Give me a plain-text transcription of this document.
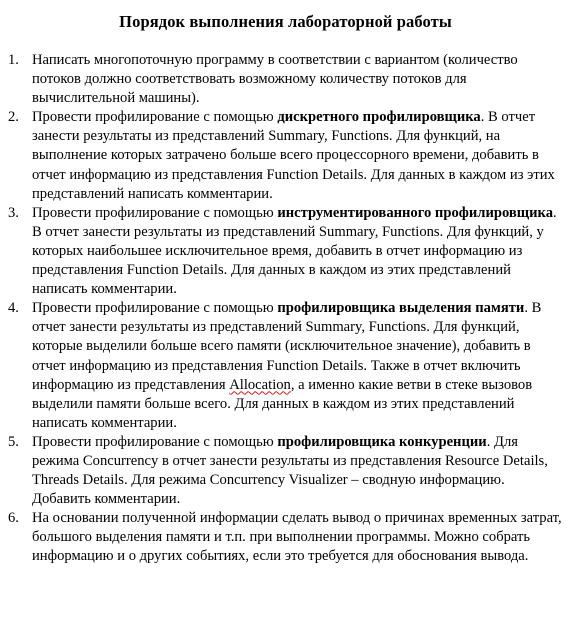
Порядок выполнения лабораторной работы
1. Написать многопоточную программу в соответствии с вариантом (количество потоков должно соответствовать возможному количеству потоков для вычислительной машины).
2. Провести профилирование с помощью дискретного профилировщика. В отчет занести результаты из представлений Summary, Functions. Для функций, на выполнение которых затрачено больше всего процессорного времени, добавить в отчет информацию из представления Function Details. Для данных в каждом из этих представлений написать комментарии.
3. Провести профилирование с помощью инструментированного профилировщика. В отчет занести результаты из представлений Summary, Functions. Для функций, у которых наибольшее исключительное время, добавить в отчет информацию из представления Function Details. Для данных в каждом из этих представлений написать комментарии.
4. Провести профилирование с помощью профилировщика выделения памяти. В отчет занести результаты из представлений Summary, Functions. Для функций, которые выделили больше всего памяти (исключительное значение), добавить в отчет информацию из представления Function Details. Также в отчет включить информацию из представления Allocation, а именно какие ветви в стеке вызовов выделили памяти больше всего. Для данных в каждом из этих представлений написать комментарии.
5. Провести профилирование с помощью профилировщика конкуренции. Для режима Concurrency в отчет занести результаты из представления Resource Details, Threads Details. Для режима Concurrency Visualizer – сводную информацию. Добавить комментарии.
6. На основании полученной информации сделать вывод о причинах временных затрат, большого выделения памяти и т.п. при выполнении программы. Можно собрать информацию и о других событиях, если это требуется для обоснования вывода.
